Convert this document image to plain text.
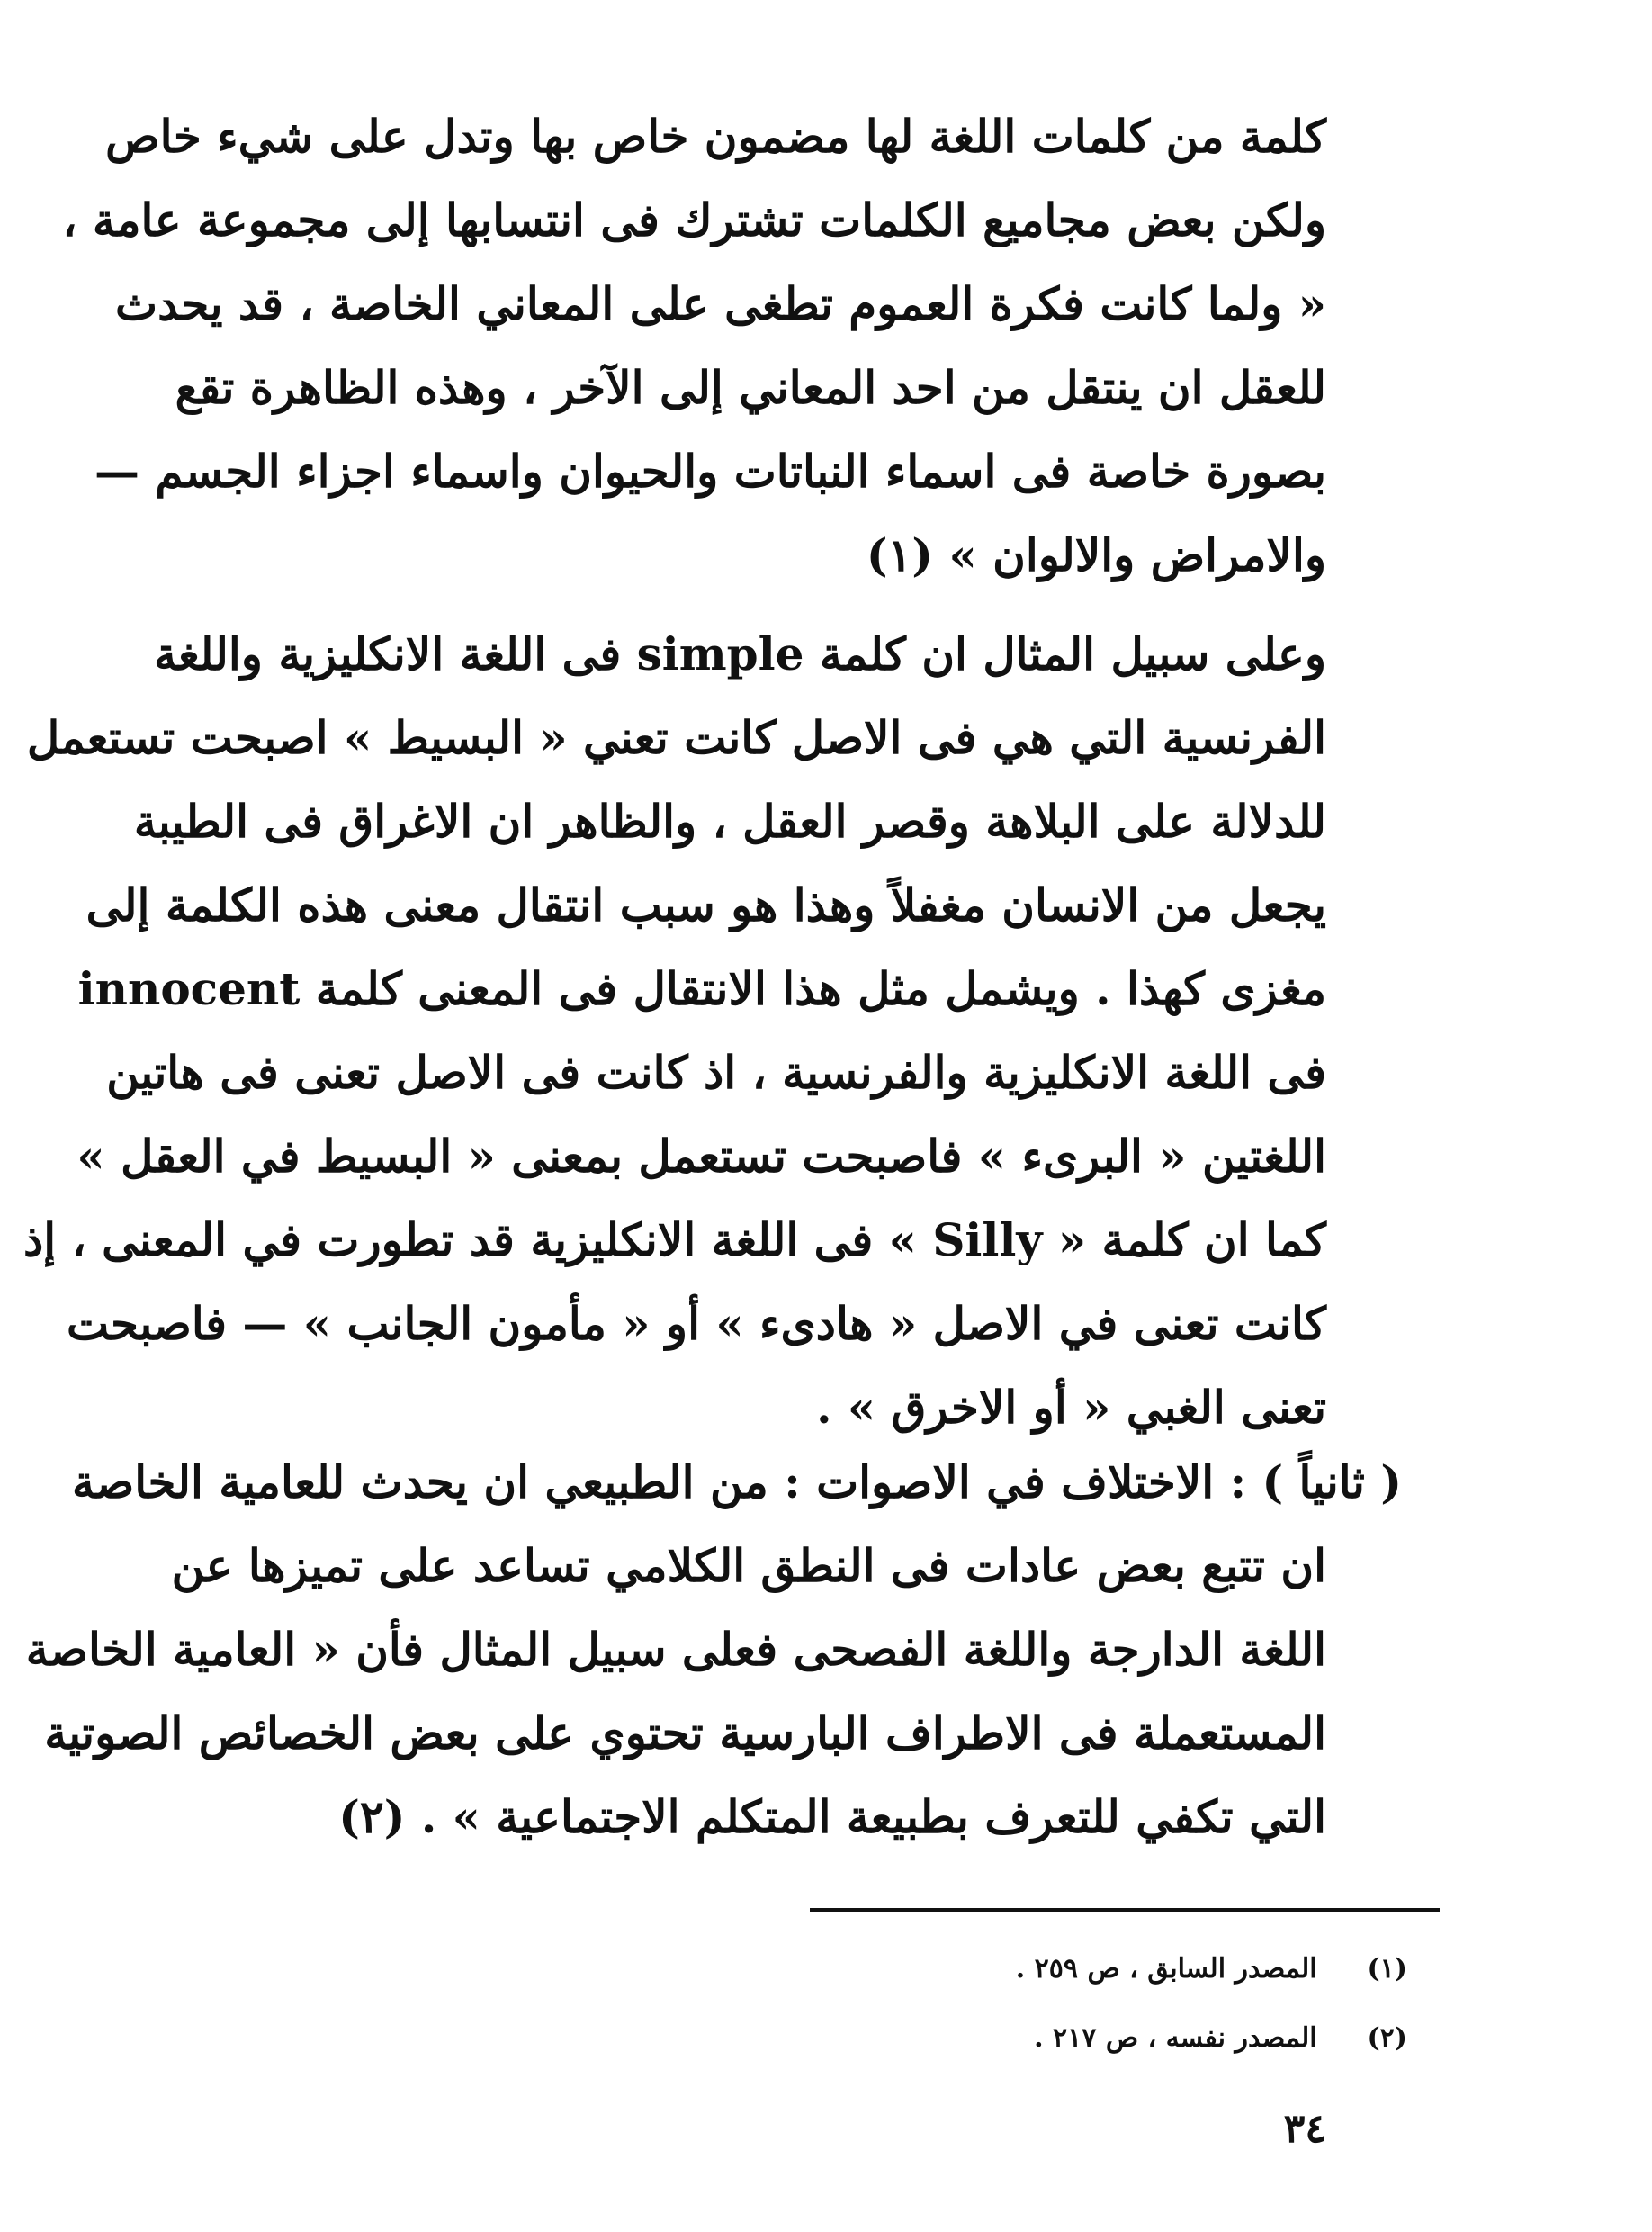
كلمة من كلمات اللغة لها مضمون خاص بها وتدل على شيء خاص
ولكن بعض مجاميع الكلمات تشترك فى انتسابها إلى مجموعة عامة ،
« ولما كانت فكرة العموم تطغى على المعاني الخاصة ، قد يحدث
للعقل ان ينتقل من احد المعاني إلى الآخر ، وهذه الظاهرة تقع
بصورة خاصة فى اسماء النباتات والحيوان واسماء اجزاء الجسم —
والامراض والالوان » (١)
وعلى سبيل المثال ان كلمة simple فى اللغة الانكليزية واللغة
الفرنسية التي هي فى الاصل كانت تعني « البسيط » اصبحت تستعمل
للدلالة على البلاهة وقصر العقل ، والظاهر ان الاغراق فى الطيبة
يجعل من الانسان مغفلاً وهذا هو سبب انتقال معنى هذه الكلمة إلى
مغزى كهذا . ويشمل مثل هذا الانتقال فى المعنى كلمة innocent
فى اللغة الانكليزية والفرنسية ، اذ كانت فى الاصل تعنى فى هاتين
اللغتين « البرىء » فاصبحت تستعمل بمعنى « البسيط في العقل »
كما ان كلمة « Silly » فى اللغة الانكليزية قد تطورت في المعنى ، إذ
كانت تعنى في الاصل « هادىء » أو « مأمون الجانب » — فاصبحت
تعنى الغبي « أو الاخرق » .
( ثانياً ) : الاختلاف في الاصوات : من الطبيعي ان يحدث للعامية الخاصة
ان تتبع بعض عادات فى النطق الكلامي تساعد على تميزها عن
اللغة الدارجة واللغة الفصحى فعلى سبيل المثال فأن « العامية الخاصة
المستعملة فى الاطراف البارسية تحتوي على بعض الخصائص الصوتية
التي تكفي للتعرف بطبيعة المتكلم الاجتماعية » . (٢)
(١) المصدر السابق ، ص ٢٥٩ .
(٢) المصدر نفسه ، ص ٢١٧ .
٣٤
